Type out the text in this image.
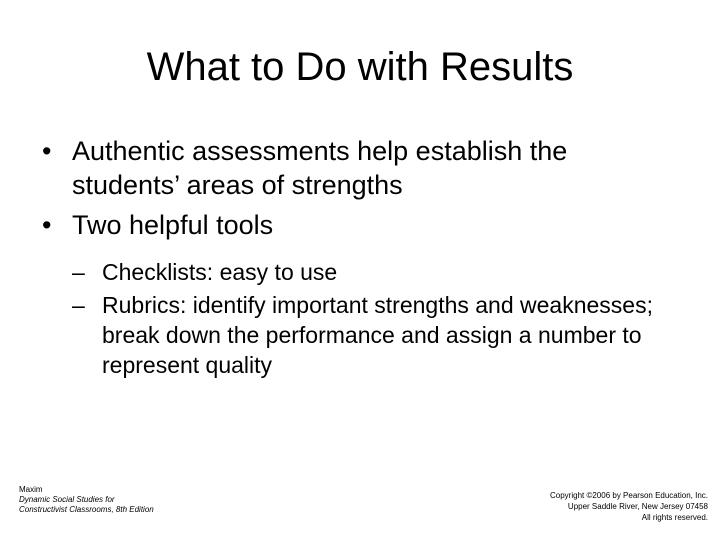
What to Do with Results
• Authentic assessments help establish the students’ areas of strengths
• Two helpful tools
– Checklists: easy to use
– Rubrics: identify important strengths and weaknesses; break down the performance and assign a number to represent quality
Maxim
Dynamic Social Studies for
Constructivist Classrooms, 8th Edition
Copyright ©2006 by Pearson Education, Inc.
Upper Saddle River, New Jersey 07458
All rights reserved.
